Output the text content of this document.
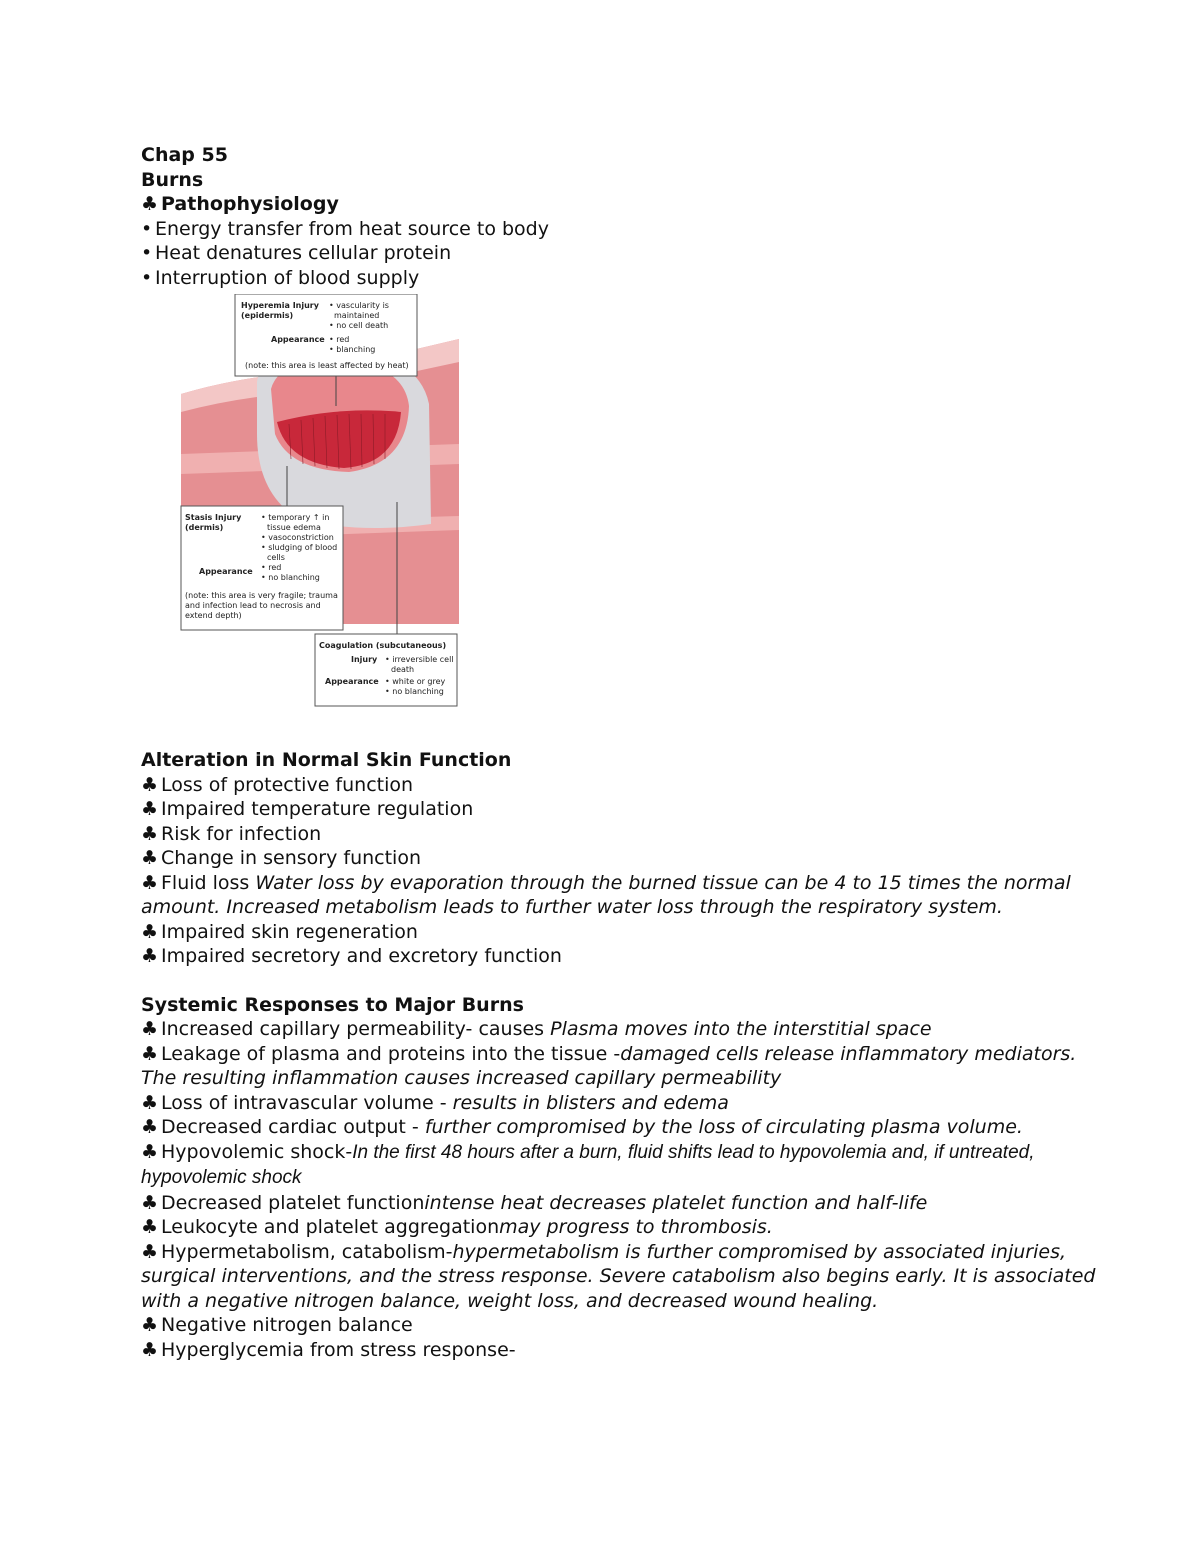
Chap 55
Burns
♣ Pathophysiology
• Energy transfer from heat source to body
• Heat denatures cellular protein
• Interruption of blood supply
Hyperemia Injury
(epidermis)
• vascularity is
maintained
• no cell death
Appearance • red
• blanching
(note: this area is least affected by heat)
Stasis Injury
(dermis)
• temporary ↑ in
tissue edema
• vasoconstriction
• sludging of blood
cells
Appearance • red
• no blanching
(note: this area is very fragile; trauma
and infection lead to necrosis and
extend depth)
Coagulation (subcutaneous)
Injury • irreversible cell
death
Appearance • white or grey
• no blanching
Alteration in Normal Skin Function
♣ Loss of protective function
♣ Impaired temperature regulation
♣ Risk for infection
♣ Change in sensory function
♣ Fluid loss Water loss by evaporation through the burned tissue can be 4 to 15 times the normal amount. Increased metabolism leads to further water loss through the respiratory system.
♣ Impaired skin regeneration
♣ Impaired secretory and excretory function
Systemic Responses to Major Burns
♣ Increased capillary permeability- causes Plasma moves into the interstitial space
♣ Leakage of plasma and proteins into the tissue -damaged cells release inflammatory mediators. The resulting inflammation causes increased capillary permeability
♣ Loss of intravascular volume - results in blisters and edema
♣ Decreased cardiac output - further compromised by the loss of circulating plasma volume.
♣ Hypovolemic shock-In the first 48 hours after a burn, fluid shifts lead to hypovolemia and, if untreated, hypovolemic shock
♣ Decreased platelet functionintense heat decreases platelet function and half-life
♣ Leukocyte and platelet aggregationmay progress to thrombosis.
♣ Hypermetabolism, catabolism-hypermetabolism is further compromised by associated injuries, surgical interventions, and the stress response. Severe catabolism also begins early. It is associated with a negative nitrogen balance, weight loss, and decreased wound healing.
♣ Negative nitrogen balance
♣ Hyperglycemia from stress response-
